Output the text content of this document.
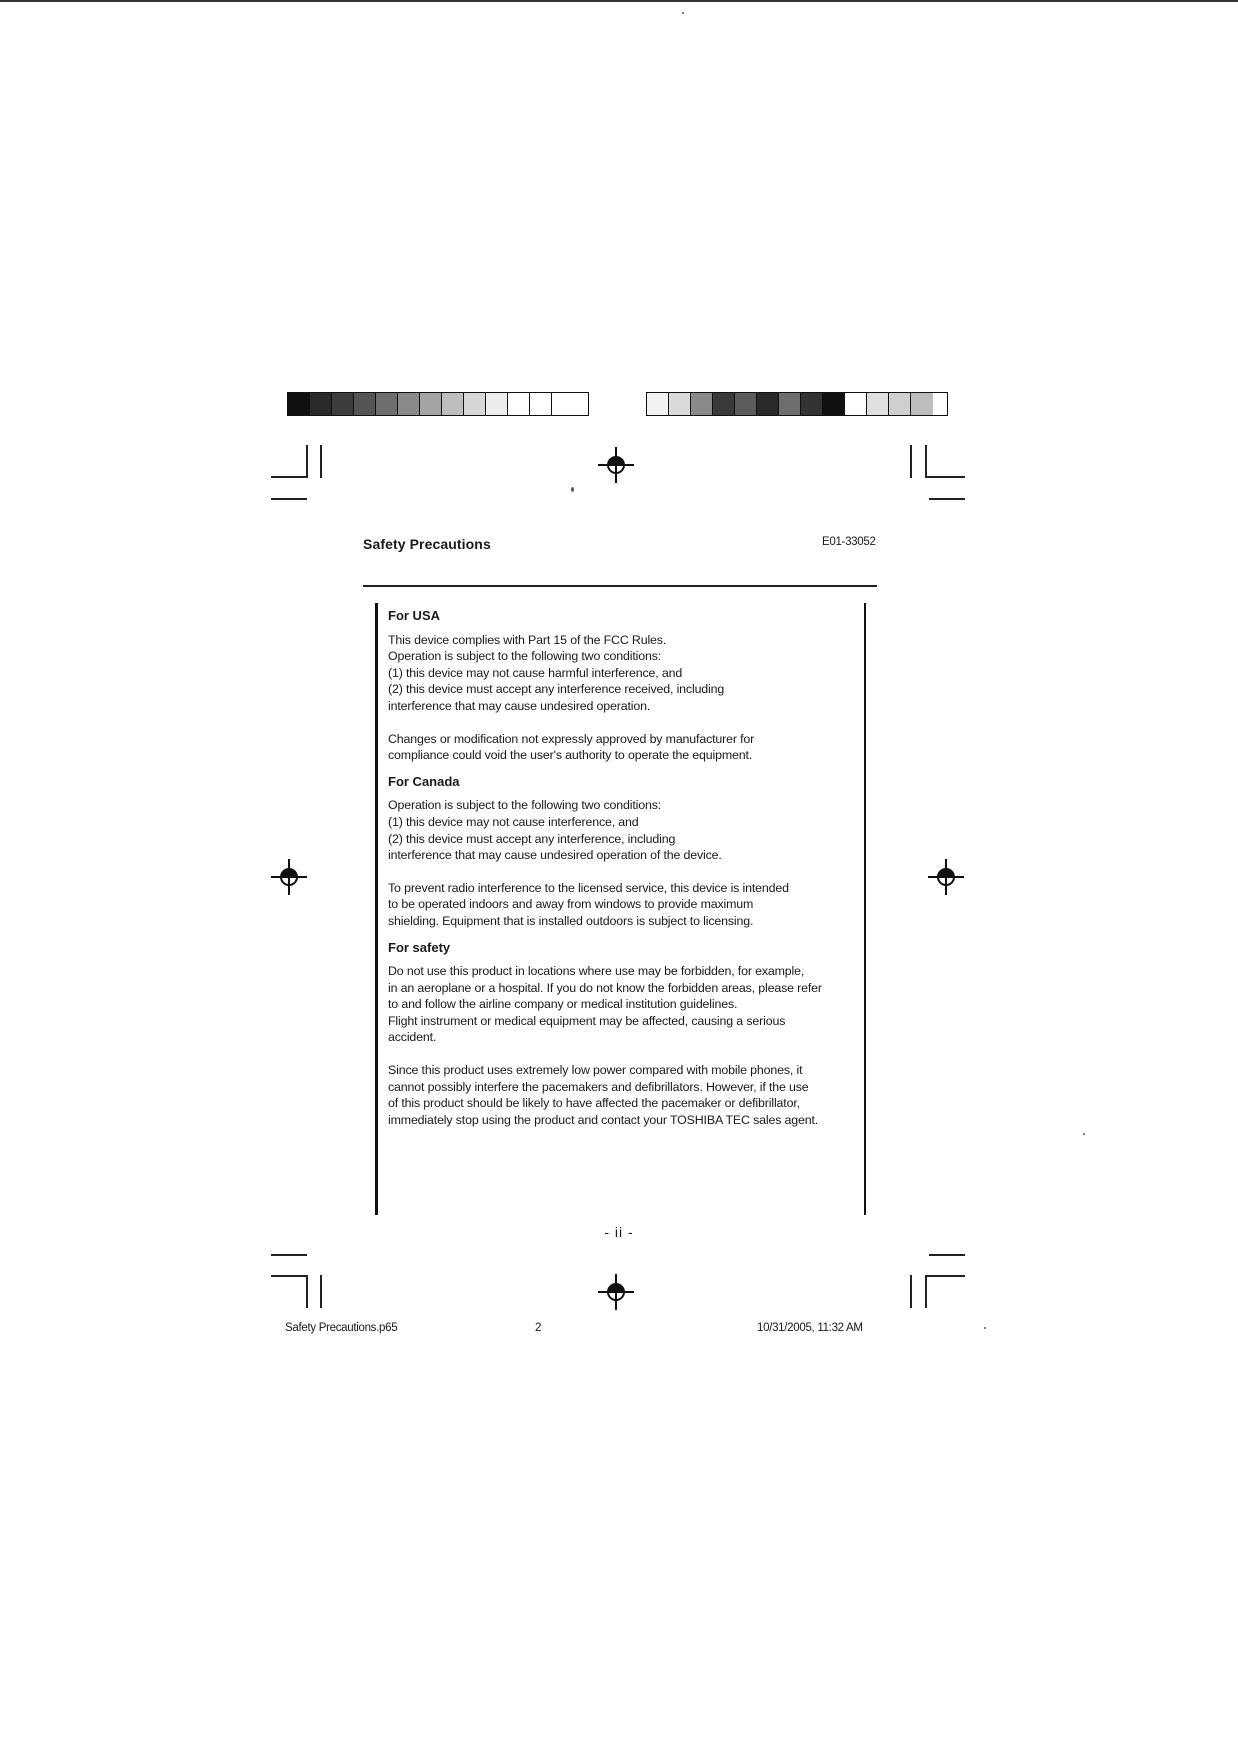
Safety Precautions	E01-33052
For USA

This device complies with Part 15 of the FCC Rules.

Operation is subject to the following two conditions:

(1) this device may not cause harmful interference, and

(2) this device must accept any interference received, including

interference that may cause undesired operation.

Changes or modification not expressly approved by manufacturer for

compliance could void the user's authority to operate the equipment.

For Canada

Operation is subject to the following two conditions:

(1) this device may not cause interference, and

(2) this device must accept any interference, including

interference that may cause undesired operation of the device.

To prevent radio interference to the licensed service, this device is intended

to be operated indoors and away from windows to provide maximum

shielding. Equipment that is installed outdoors is subject to licensing.

For safety

Do not use this product in locations where use may be forbidden, for example,

in an aeroplane or a hospital. If you do not know the forbidden areas, please refer

to and follow the airline company or medical institution guidelines.

Flight instrument or medical equipment may be affected, causing a serious

accident.

Since this product uses extremely low power compared with mobile phones, it

cannot possibly interfere the pacemakers and defibrillators. However, if the use

of this product should be likely to have affected the pacemaker or defibrillator,

immediately stop using the product and contact your TOSHIBA TEC sales agent.

- ii -
Safety Precautions.p65	2	10/31/2005, 11:32 AM
